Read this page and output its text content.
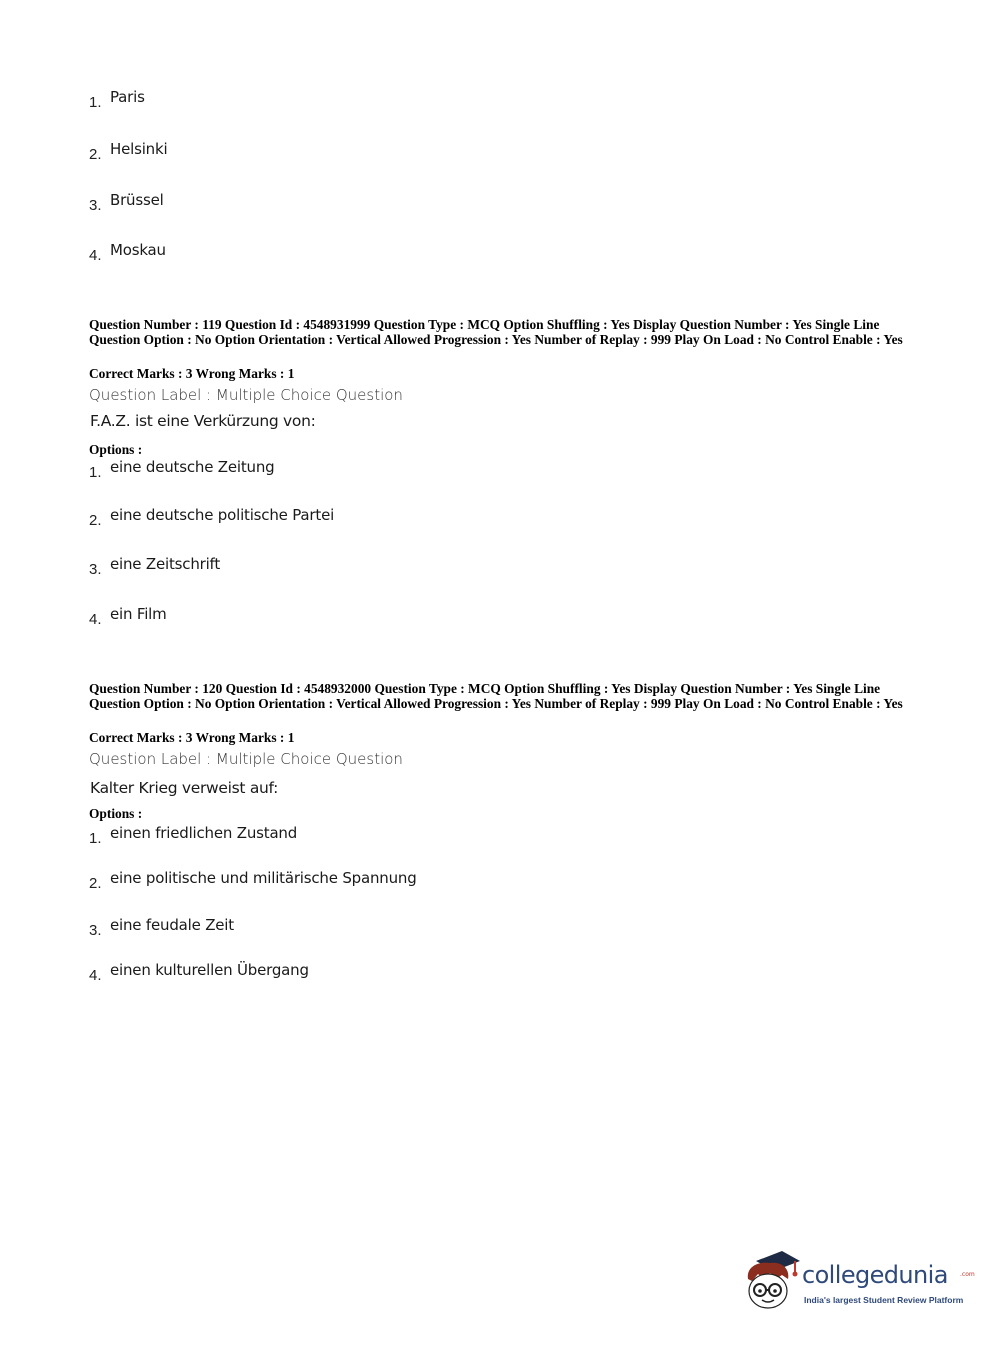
1. Paris
2. Helsinki
3. Brüssel
4. Moskau
Question Number : 119 Question Id : 4548931999 Question Type : MCQ Option Shuffling : Yes Display Question Number : Yes Single Line Question Option : No Option Orientation : Vertical Allowed Progression : Yes Number of Replay : 999 Play On Load : No Control Enable : Yes
Correct Marks : 3 Wrong Marks : 1
Question Label : Multiple Choice Question
F.A.Z. ist eine Verkürzung von:
Options :
1. eine deutsche Zeitung
2. eine deutsche politische Partei
3. eine Zeitschrift
4. ein Film
Question Number : 120 Question Id : 4548932000 Question Type : MCQ Option Shuffling : Yes Display Question Number : Yes Single Line Question Option : No Option Orientation : Vertical Allowed Progression : Yes Number of Replay : 999 Play On Load : No Control Enable : Yes
Correct Marks : 3 Wrong Marks : 1
Question Label : Multiple Choice Question
Kalter Krieg verweist auf:
Options :
1. einen friedlichen Zustand
2. eine politische und militärische Spannung
3. eine feudale Zeit
4. einen kulturellen Übergang
collegedunia .com
India's largest Student Review Platform
